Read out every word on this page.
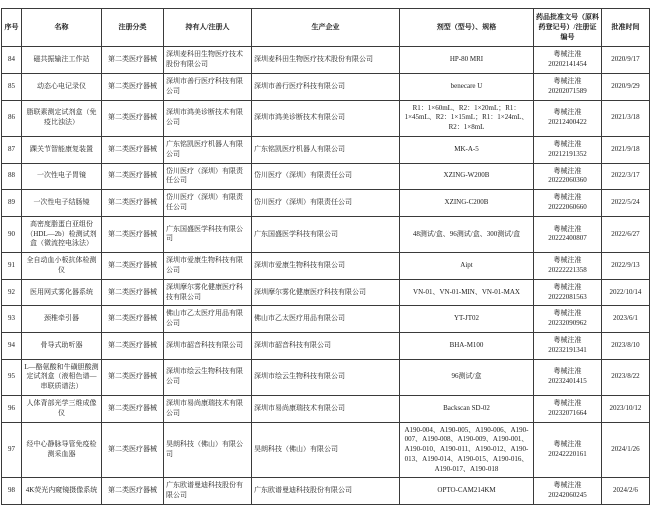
序号	名称	注册分类	持有人/注册人	生产企业	剂型（型号）、规格	药品批准文号（原料药登记号）/注册证编号	批准时间
84	磁共振输注工作站	第二类医疗器械	深圳麦科田生物医疗技术股份有限公司	深圳麦科田生物医疗技术股份有限公司	HP-80 MRI	粤械注准20202141454	2020/9/17
85	动态心电记录仪	第二类医疗器械	深圳市善行医疗科技有限公司	深圳市善行医疗科技有限公司	benecare U	粤械注准20202071589	2020/9/29
86	脂联素测定试剂盒（免疫比浊法）	第二类医疗器械	深圳市鸿美诊断技术有限公司	深圳市鸿美诊断技术有限公司	R1：1×60mL、R2：1×20mL；R1：1×45mL、R2：1×15mL；R1：1×24mL、R2：1×8mL	粤械注准20212400422	2021/3/18
87	踝关节智能康复装置	第二类医疗器械	广东铭凯医疗机器人有限公司	广东铭凯医疗机器人有限公司	MK-A-5	粤械注准20212191352	2021/9/18
88	一次性电子胃镜	第二类医疗器械	岱川医疗（深圳）有限责任公司	岱川医疗（深圳）有限责任公司	XZING-W200B	粤械注准20222060360	2022/3/17
89	一次性电子结肠镜	第二类医疗器械	岱川医疗（深圳）有限责任公司	岱川医疗（深圳）有限责任公司	XZING-C200B	粤械注准20222060660	2022/5/24
90	高密度脂蛋白亚组份（HDL—2b）检测试剂盒（微流控电泳法）	第二类医疗器械	广东国盛医学科技有限公司	广东国盛医学科技有限公司	48测试/盒、96测试/盒、300测试/盒	粤械注准20222400807	2022/6/27
91	全自动血小板抗体检测仪	第二类医疗器械	深圳市爱康生物科技有限公司	深圳市爱康生物科技有限公司	Aipt	粤械注准20222221358	2022/9/13
92	医用网式雾化器系统	第二类医疗器械	深圳摩尔雾化健康医疗科技有限公司	深圳摩尔雾化健康医疗科技有限公司	VN-01、VN-01-MIN、VN-01-MAX	粤械注准20222081563	2022/10/14
93	颈椎牵引器	第二类医疗器械	佛山市乙太医疗用品有限公司	佛山市乙太医疗用品有限公司	YT-JT02	粤械注准20232090962	2023/6/1
94	骨导式助听器	第二类医疗器械	深圳市韶音科技有限公司	深圳市韶音科技有限公司	BHA-M100	粤械注准20232191341	2023/8/10
95	L—酪氨酸和牛磺胆酸测定试剂盒（液相色谱—串联质谱法）	第二类医疗器械	深圳市绘云生物科技有限公司	深圳市绘云生物科技有限公司	96测试/盒	粤械注准20232401415	2023/8/22
96	人体背部光学三维成像仪	第二类医疗器械	深圳市易尚康瑞技术有限公司	深圳市易尚康瑞技术有限公司	Backscan SD-02	粤械注准20232071664	2023/10/12
97	经中心静脉导管免疫检测采血器	第二类医疗器械	昊朗科技（佛山）有限公司	昊朗科技（佛山）有限公司	A190-004、A190-005、A190-006、A190-007、A190-008、A190-009、A190-001、A190-010、A190-011、A190-012、A190-013、A190-014、A190-015、A190-016、A190-017、A190-018	粤械注准20242220161	2024/1/26
98	4K荧光内窥镜摄像系统	第二类医疗器械	广东欧谱曼迪科技股份有限公司	广东欧谱曼迪科技股份有限公司	OPTO-CAM214KM	粤械注准20242060245	2024/2/6
